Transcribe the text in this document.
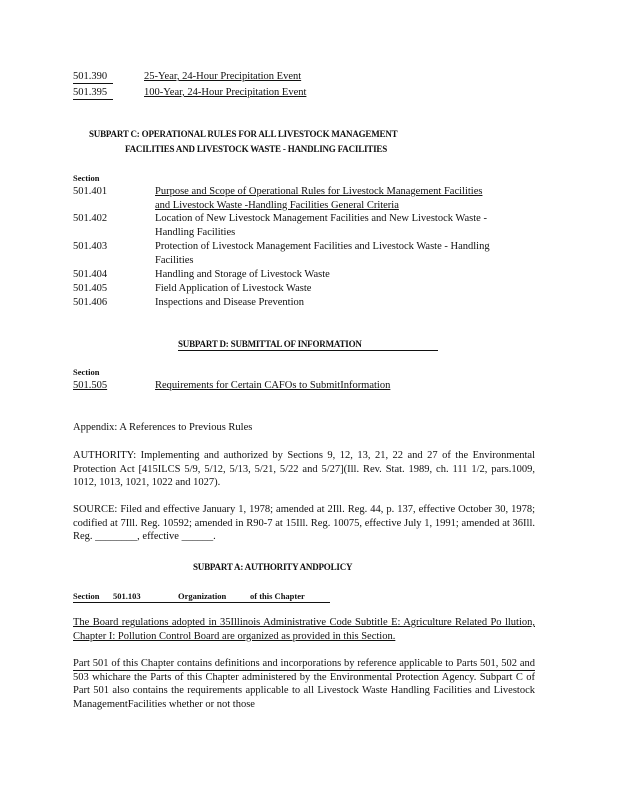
501.390	25-Year, 24-Hour Precipitation Event
501.395	100-Year, 24-Hour Precipitation Event
SUBPART C: OPERATIONAL RULES FOR ALL LIVESTOCK MANAGEMENT
FACILITIES AND LIVESTOCK WASTE - HANDLING FACILITIES
Section
501.401	Purpose and Scope of Operational Rules for Livestock Management Facilities and Livestock Waste -Handling Facilities General Criteria
501.402	Location of New Livestock Management Facilities and New Livestock Waste -Handling Facilities
501.403	Protection of Livestock Management Facilities and Livestock Waste - Handling Facilities
501.404	Handling and Storage of Livestock Waste
501.405	Field Application of Livestock Waste
501.406	Inspections and Disease Prevention
SUBPART D: SUBMITTAL OF INFORMATION
Section
501.505	Requirements for Certain CAFOs to SubmitInformation
Appendix: A References to Previous Rules
AUTHORITY: Implementing and authorized by Sections 9, 12, 13, 21, 22 and 27 of the Environmental Protection Act [415ILCS 5/9, 5/12, 5/13, 5/21, 5/22 and 5/27](Ill. Rev. Stat. 1989, ch. 111 1/2, pars.1009, 1012, 1013, 1021, 1022 and 1027).
SOURCE: Filed and effective January 1, 1978; amended at 2Ill. Reg. 44, p. 137, effective October 30, 1978; codified at 7Ill. Reg. 10592; amended in R90-7 at 15Ill. Reg. 10075, effective July 1, 1991; amended at 36Ill. Reg. ________, effective ______.
SUBPART A: AUTHORITY ANDPOLICY
Section 501.103	Organization	of this Chapter
The Board regulations adopted in 35Illinois Administrative Code Subtitle E: Agriculture Related Po llution, Chapter I: Pollution Control Board are organized as provided in this Section.
Part 501 of this Chapter contains definitions and incorporations by reference applicable to Parts 501, 502 and 503 whichare the Parts of this Chapter administered by the Environmental Protection Agency. Subpart C of Part 501 also contains the requirements applicable to all Livestock Waste Handling Facilities and Livestock ManagementFacilities whether or not those
